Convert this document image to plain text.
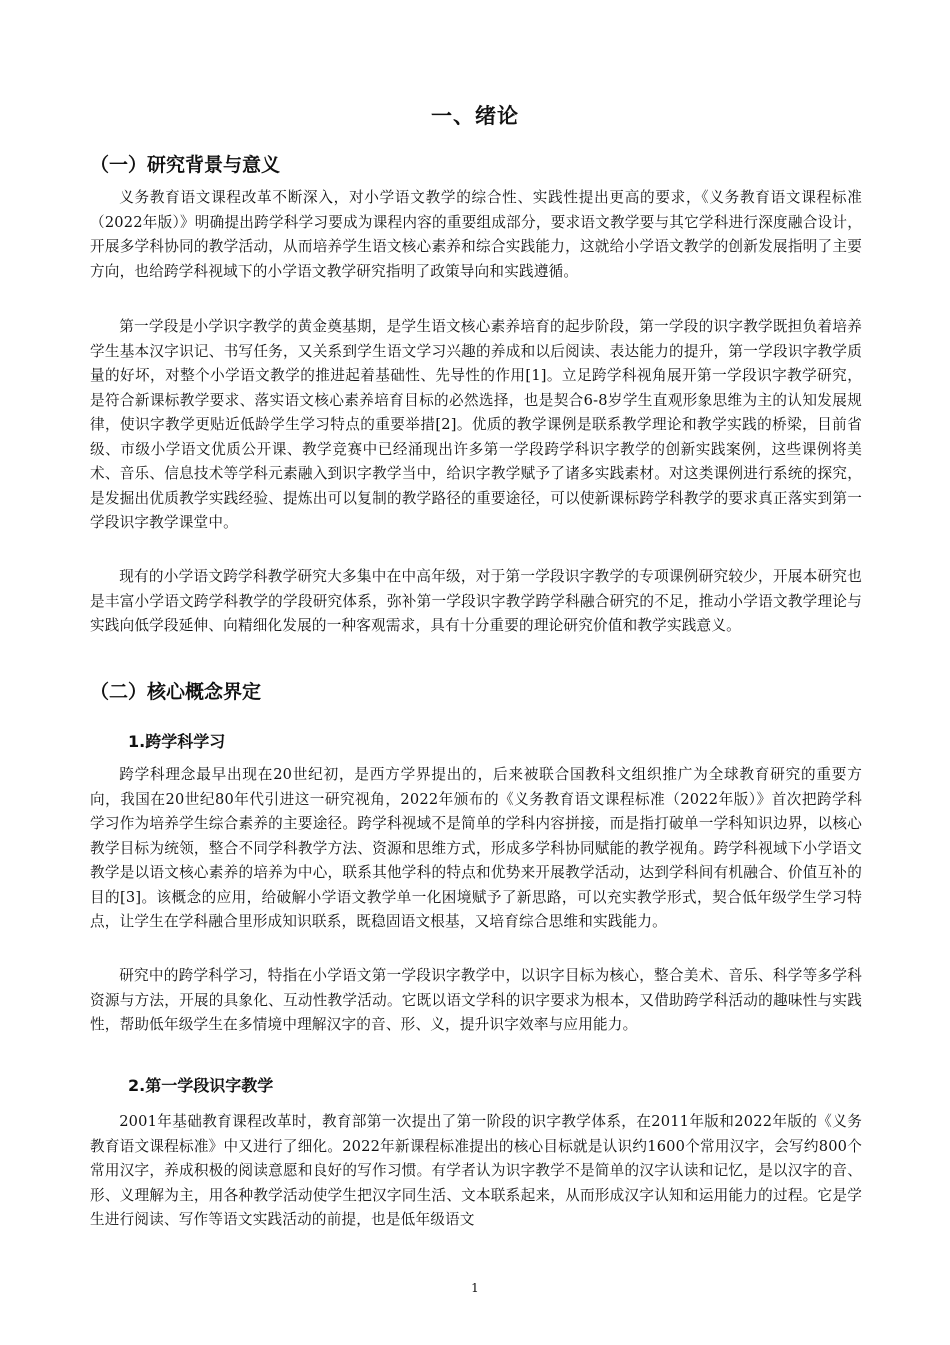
一、绪论
（一）研究背景与意义

义务教育语文课程改革不断深入，对小学语文教学的综合性、实践性提出更高的要求，《义务教育语文课程标准（2022年版）》明确提出跨学科学习要成为课程内容的重要组成部分，要求语文教学要与其它学科进行深度融合设计，开展多学科协同的教学活动，从而培养学生语文核心素养和综合实践能力，这就给小学语文教学的创新发展指明了主要方向，也给跨学科视域下的小学语文教学研究指明了政策导向和实践遵循。

第一学段是小学识字教学的黄金奠基期，是学生语文核心素养培育的起步阶段，第一学段的识字教学既担负着培养学生基本汉字识记、书写任务，又关系到学生语文学习兴趣的养成和以后阅读、表达能力的提升，第一学段识字教学质量的好坏，对整个小学语文教学的推进起着基础性、先导性的作用[1]。立足跨学科视角展开第一学段识字教学研究，是符合新课标教学要求、落实语文核心素养培育目标的必然选择，也是契合6-8岁学生直观形象思维为主的认知发展规律，使识字教学更贴近低龄学生学习特点的重要举措[2]。优质的教学课例是联系教学理论和教学实践的桥梁，目前省级、市级小学语文优质公开课、教学竞赛中已经涌现出许多第一学段跨学科识字教学的创新实践案例，这些课例将美术、音乐、信息技术等学科元素融入到识字教学当中，给识字教学赋予了诸多实践素材。对这类课例进行系统的探究，是发掘出优质教学实践经验、提炼出可以复制的教学路径的重要途径，可以使新课标跨学科教学的要求真正落实到第一学段识字教学课堂中。

现有的小学语文跨学科教学研究大多集中在中高年级，对于第一学段识字教学的专项课例研究较少，开展本研究也是丰富小学语文跨学科教学的学段研究体系，弥补第一学段识字教学跨学科融合研究的不足，推动小学语文教学理论与实践向低学段延伸、向精细化发展的一种客观需求，具有十分重要的理论研究价值和教学实践意义。

（二）核心概念界定
1.跨学科学习

跨学科理念最早出现在20世纪初，是西方学界提出的，后来被联合国教科文组织推广为全球教育研究的重要方向，我国在20世纪80年代引进这一研究视角，2022年颁布的《义务教育语文课程标准（2022年版）》首次把跨学科学习作为培养学生综合素养的主要途径。跨学科视域不是简单的学科内容拼接，而是指打破单一学科知识边界，以核心教学目标为统领，整合不同学科教学方法、资源和思维方式，形成多学科协同赋能的教学视角。跨学科视域下小学语文教学是以语文核心素养的培养为中心，联系其他学科的特点和优势来开展教学活动，达到学科间有机融合、价值互补的目的[3]。该概念的应用，给破解小学语文教学单一化困境赋予了新思路，可以充实教学形式，契合低年级学生学习特点，让学生在学科融合里形成知识联系，既稳固语文根基，又培育综合思维和实践能力。

研究中的跨学科学习，特指在小学语文第一学段识字教学中，以识字目标为核心，整合美术、音乐、科学等多学科资源与方法，开展的具象化、互动性教学活动。它既以语文学科的识字要求为根本，又借助跨学科活动的趣味性与实践性，帮助低年级学生在多情境中理解汉字的音、形、义，提升识字效率与应用能力。

2.第一学段识字教学

2001年基础教育课程改革时，教育部第一次提出了第一阶段的识字教学体系，在2011年版和2022年版的《义务教育语文课程标准》中又进行了细化。2022年新课程标准提出的核心目标就是认识约1600个常用汉字，会写约800个常用汉字，养成积极的阅读意愿和良好的写作习惯。有学者认为识字教学不是简单的汉字认读和记忆，是以汉字的音、形、义理解为主，用各种教学活动使学生把汉字同生活、文本联系起来，从而形成汉字认知和运用能力的过程。它是学生进行阅读、写作等语文实践活动的前提，也是低年级语文

1
